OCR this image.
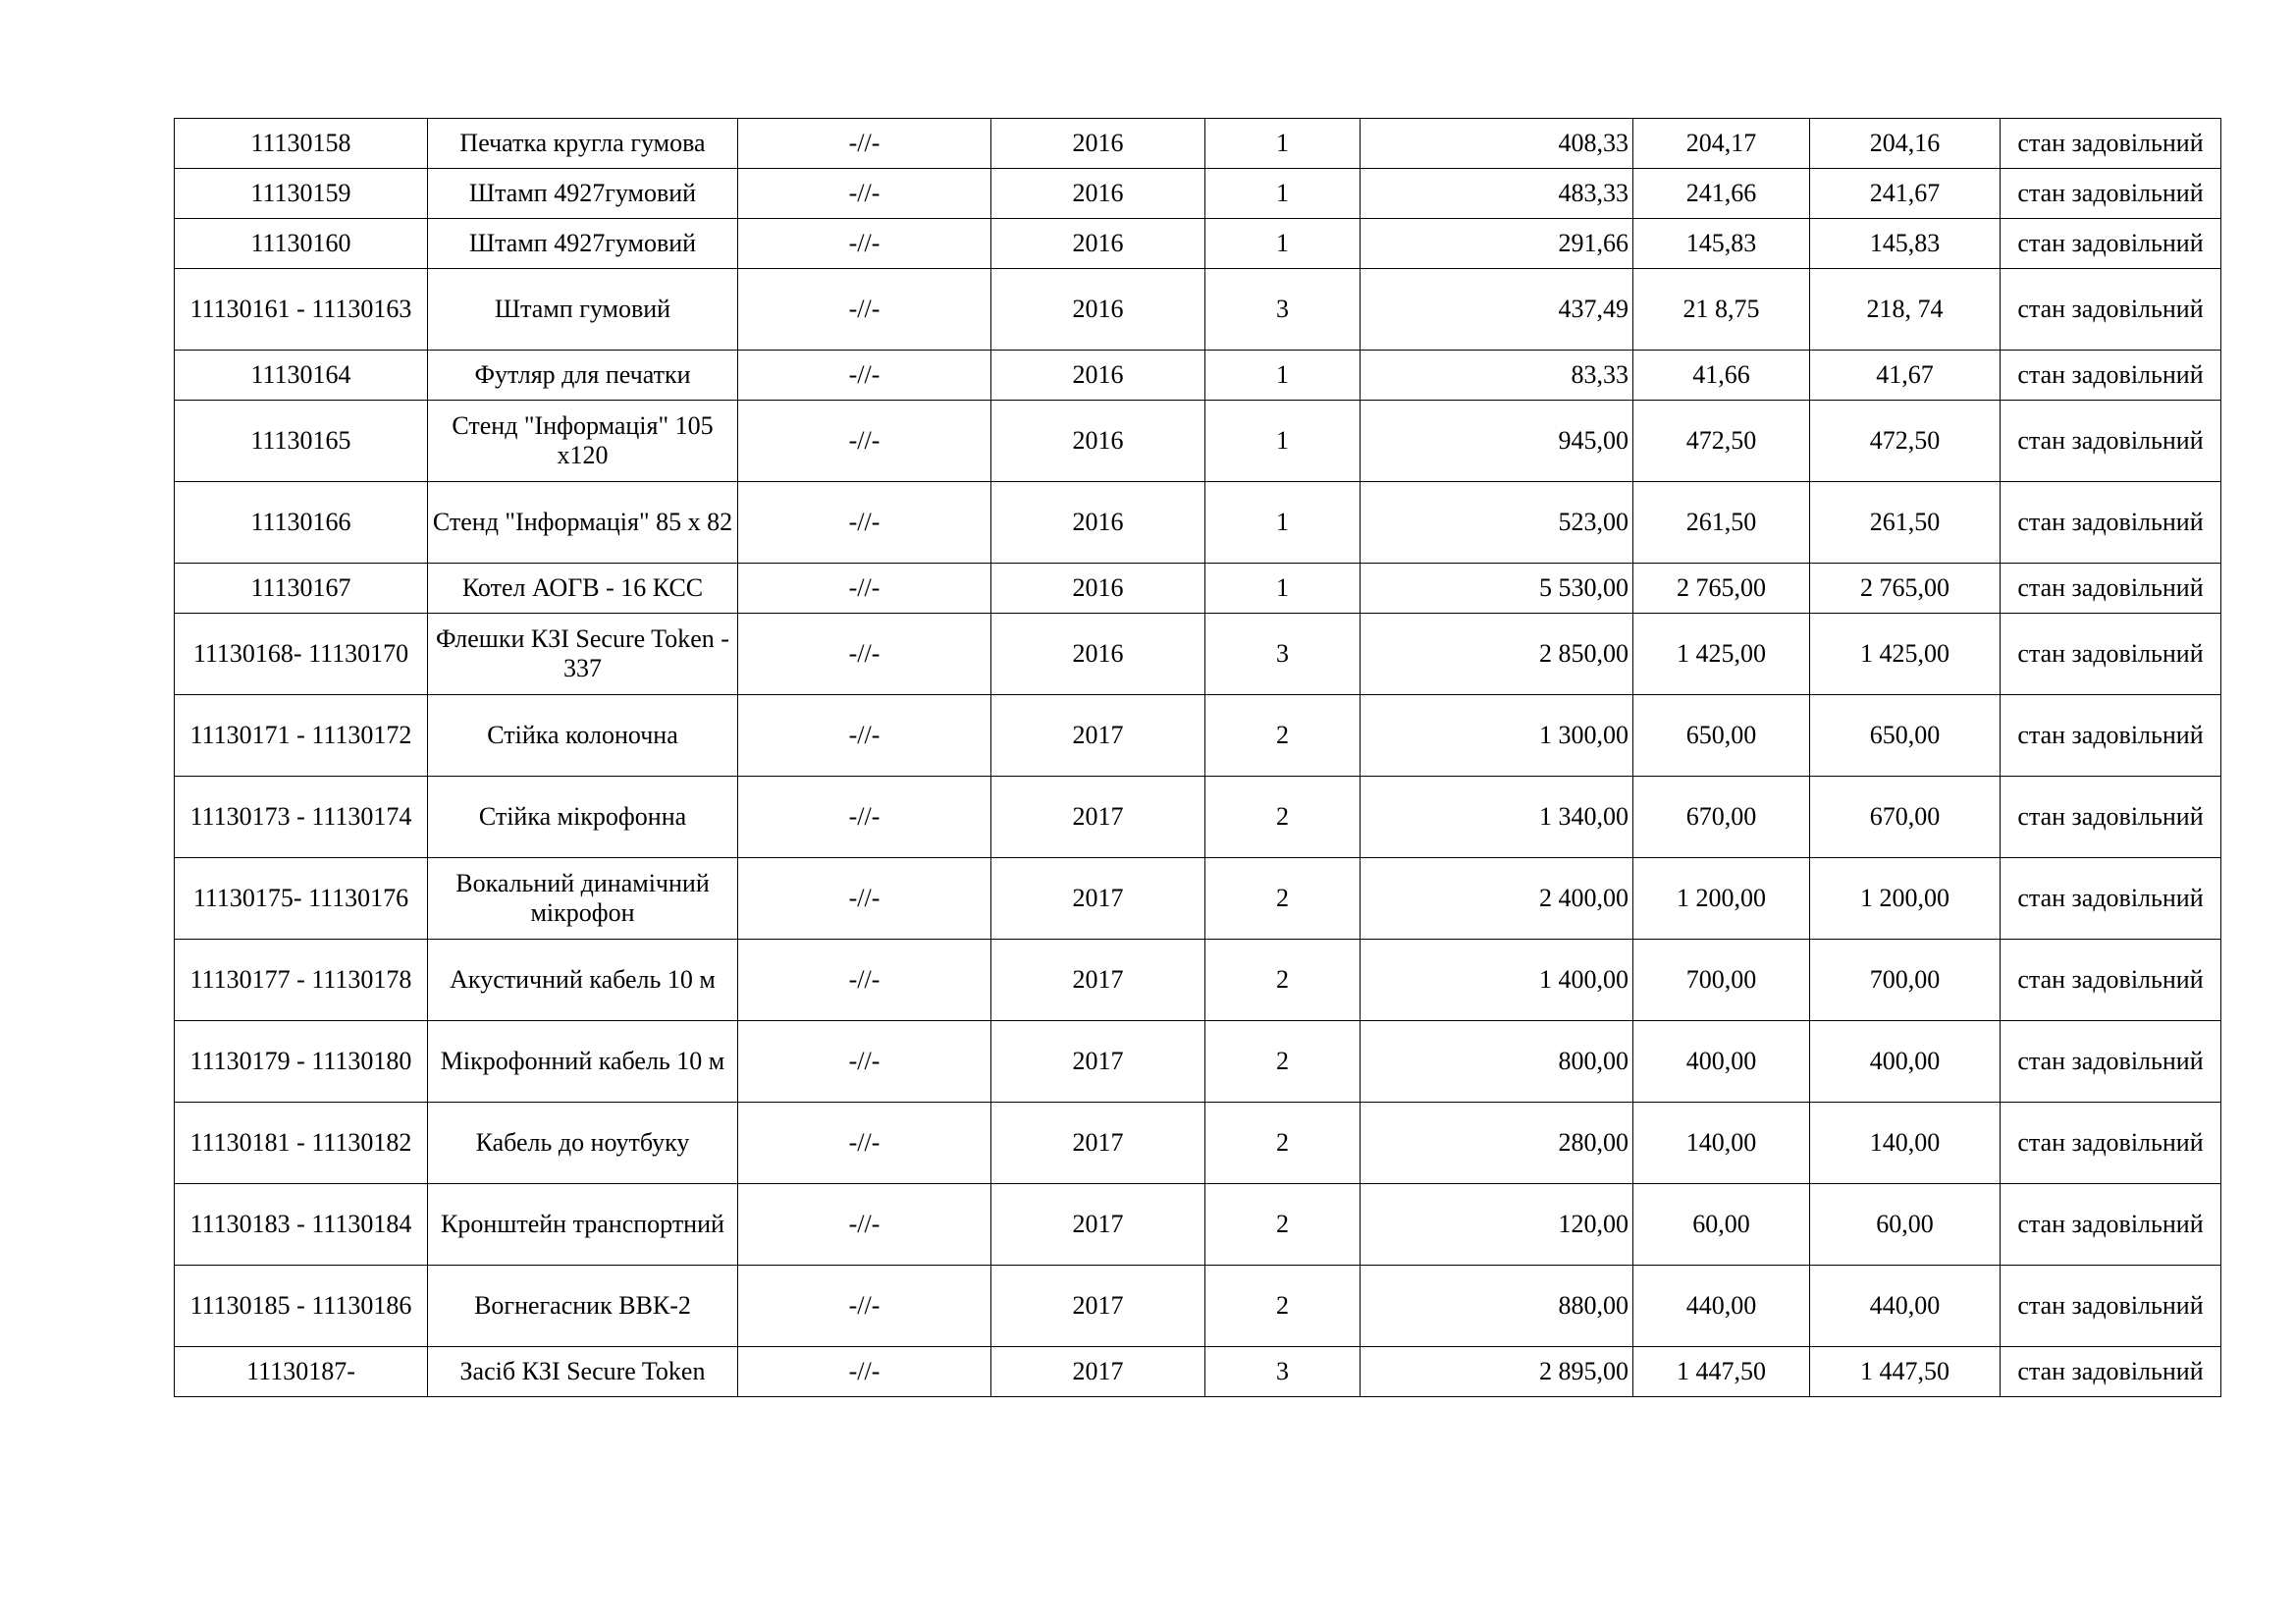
11130158	Печатка кругла гумова	-//-	2016	1	408,33	204,17	204,16	стан задовільний
11130159	Штамп 4927гумовий	-//-	2016	1	483,33	241,66	241,67	стан задовільний
11130160	Штамп 4927гумовий	-//-	2016	1	291,66	145,83	145,83	стан задовільний
11130161 - 11130163	Штамп гумовий	-//-	2016	3	437,49	21 8,75	218, 74	стан задовільний
11130164	Футляр для печатки	-//-	2016	1	83,33	41,66	41,67	стан задовільний
11130165	Стенд "Інформація" 105 х120	-//-	2016	1	945,00	472,50	472,50	стан задовільний
11130166	Стенд "Інформація" 85 х 82	-//-	2016	1	523,00	261,50	261,50	стан задовільний
11130167	Котел АОГВ - 16 КСС	-//-	2016	1	5 530,00	2 765,00	2 765,00	стан задовільний
11130168- 11130170	Флешки КЗІ Secure Token - 337	-//-	2016	3	2 850,00	1 425,00	1 425,00	стан задовільний
11130171 - 11130172	Стійка колоночна	-//-	2017	2	1 300,00	650,00	650,00	стан задовільний
11130173 - 11130174	Стійка мікрофонна	-//-	2017	2	1 340,00	670,00	670,00	стан задовільний
11130175- 11130176	Вокальний динамічний мікрофон	-//-	2017	2	2 400,00	1 200,00	1 200,00	стан задовільний
11130177 - 11130178	Акустичний кабель 10 м	-//-	2017	2	1 400,00	700,00	700,00	стан задовільний
11130179 - 11130180	Мікрофонний кабель 10 м	-//-	2017	2	800,00	400,00	400,00	стан задовільний
11130181 - 11130182	Кабель до ноутбуку	-//-	2017	2	280,00	140,00	140,00	стан задовільний
11130183 - 11130184	Кронштейн транспортний	-//-	2017	2	120,00	60,00	60,00	стан задовільний
11130185 - 11130186	Вогнегасник ВВК-2	-//-	2017	2	880,00	440,00	440,00	стан задовільний
11130187-	Засіб КЗІ Secure Token	-//-	2017	3	2 895,00	1 447,50	1 447,50	стан задовільний
